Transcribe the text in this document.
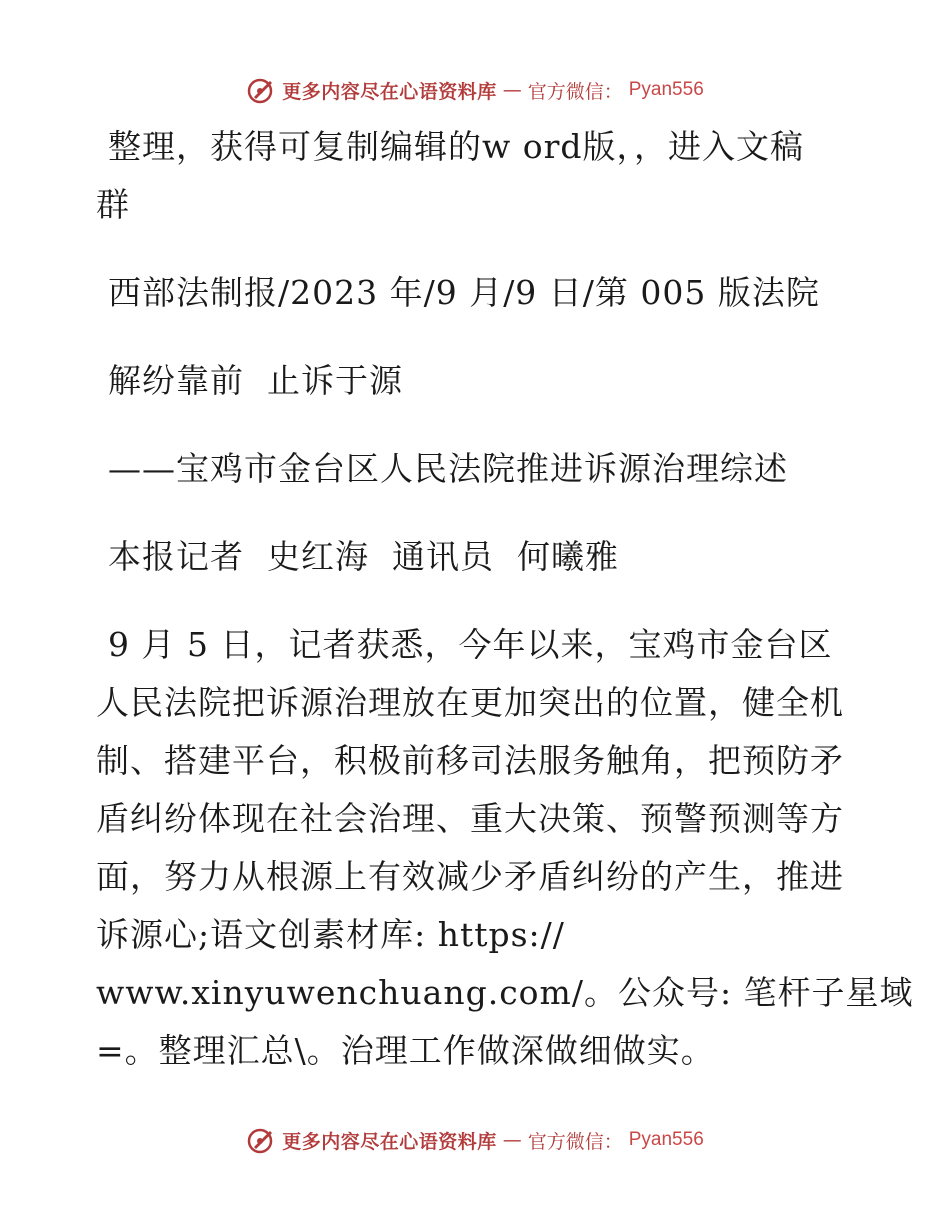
更多内容尽在心语资料库 — 官方微信： Pyan556
整理，获得可复制编辑的w ord版，，进入文稿
群
西部法制报/2023 年/9 月/9 日/第 005 版法院
解纷靠前  止诉于源
——宝鸡市金台区人民法院推进诉源治理综述
本报记者  史红海  通讯员  何曦雅
9 月 5 日，记者获悉，今年以来，宝鸡市金台区
人民法院把诉源治理放在更加突出的位置，健全机
制、搭建平台，积极前移司法服务触角，把预防矛
盾纠纷体现在社会治理、重大决策、预警预测等方
面，努力从根源上有效减少矛盾纠纷的产生，推进
诉源心;语文创素材库: https://
www.xinyuwenchuang.com/。公众号: 笔杆子星域
=。整理汇总\。治理工作做深做细做实。
更多内容尽在心语资料库 — 官方微信： Pyan556
